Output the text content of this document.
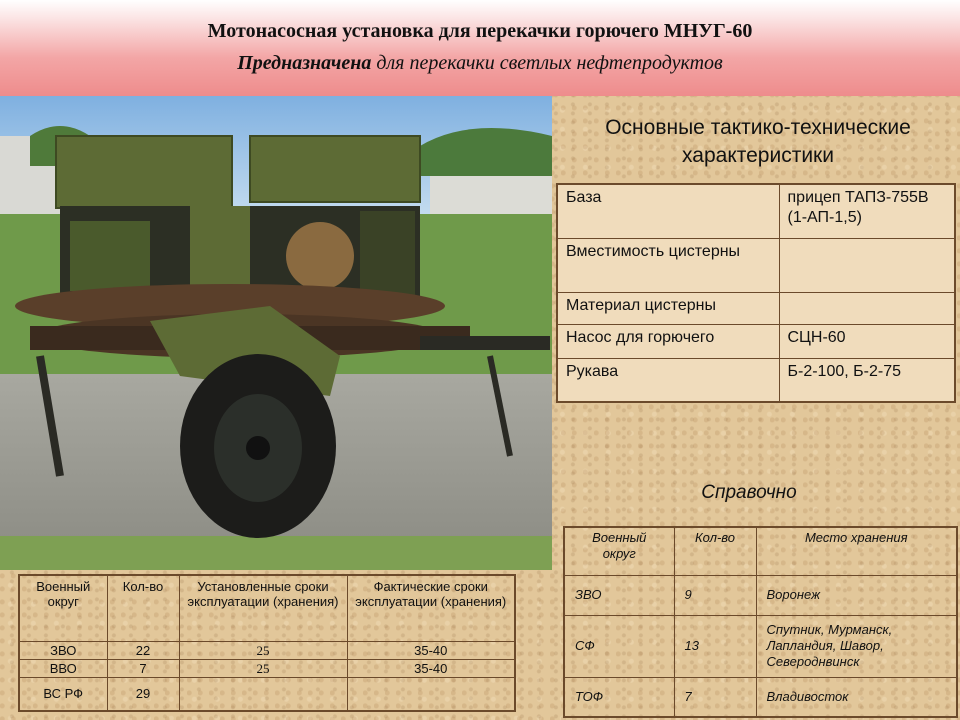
Мотонасосная установка для перекачки горючего МНУГ-60
Предназначена для перекачки светлых нефтепродуктов
Основные тактико-технические
характеристики
База	прицеп ТАПЗ-755В (1-АП-1,5)
Вместимость цистерны	
Материал цистерны	
Насос для горючего	СЦН-60
Рукава	Б-2-100, Б-2-75
Справочно
Военный округ	Кол-во	Место хранения
ЗВО	9	Воронеж
СФ	13	Спутник, Мурманск, Лапландия, Шавор, Североднвинск
ТОФ	7	Владивосток
Военный округ	Кол-во	Установленные сроки эксплуатации (хранения)	Фактические сроки эксплуатации (хранения)
ЗВО	22	25	35-40
ВВО	7	25	35-40
ВС РФ	29		
